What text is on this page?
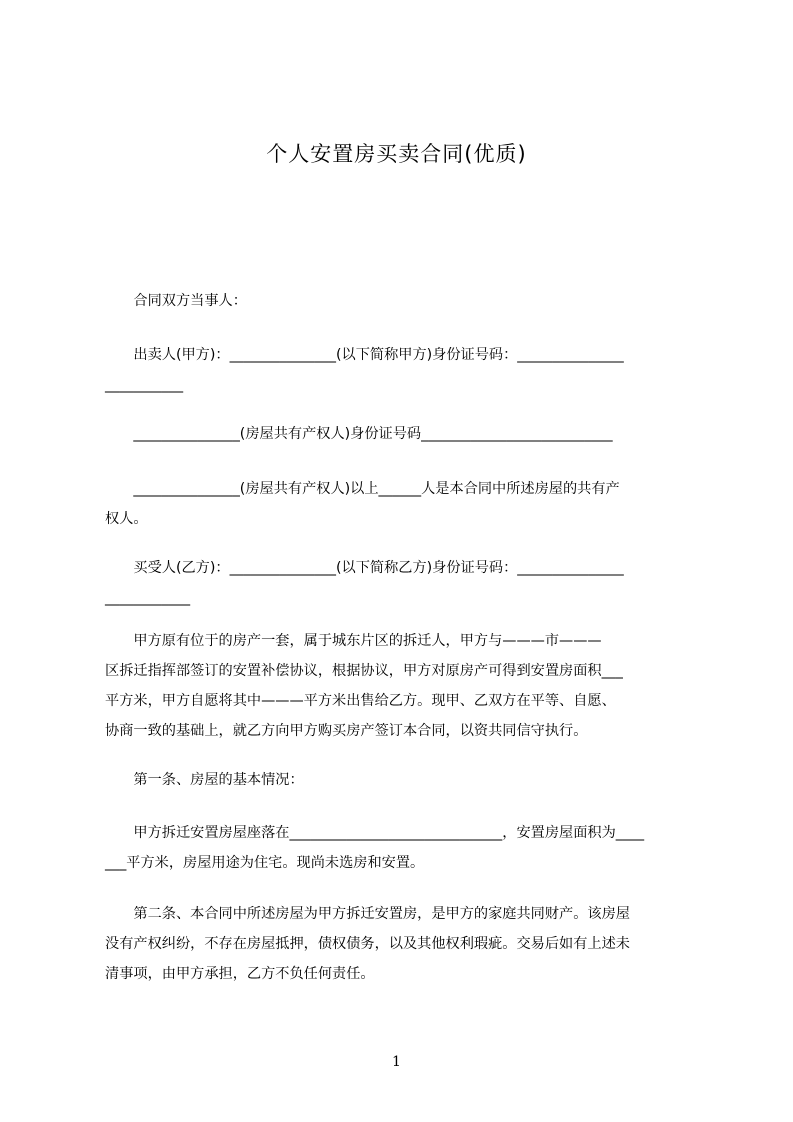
个人安置房买卖合同(优质)
　　合同双方当事人：
　　出卖人(甲方)：_______________(以下简称甲方)身份证号码：_______________
___________
　　_______________(房屋共有产权人)身份证号码___________________________
　　_______________(房屋共有产权人)以上______人是本合同中所述房屋的共有产
权人。
　　买受人(乙方)：_______________(以下简称乙方)身份证号码：_______________
____________
　　甲方原有位于的房产一套，属于城东片区的拆迁人，甲方与———市———
区拆迁指挥部签订的安置补偿协议，根据协议，甲方对原房产可得到安置房面积___
平方米，甲方自愿将其中———平方米出售给乙方。现甲、乙双方在平等、自愿、
协商一致的基础上，就乙方向甲方购买房产签订本合同，以资共同信守执行。
　　第一条、房屋的基本情况：
　　甲方拆迁安置房屋座落在______________________________，安置房屋面积为____
___平方米，房屋用途为住宅。现尚未选房和安置。
　　第二条、本合同中所述房屋为甲方拆迁安置房，是甲方的家庭共同财产。该房屋
没有产权纠纷，不存在房屋抵押，债权债务，以及其他权利瑕疵。交易后如有上述未
清事项，由甲方承担，乙方不负任何责任。
1
